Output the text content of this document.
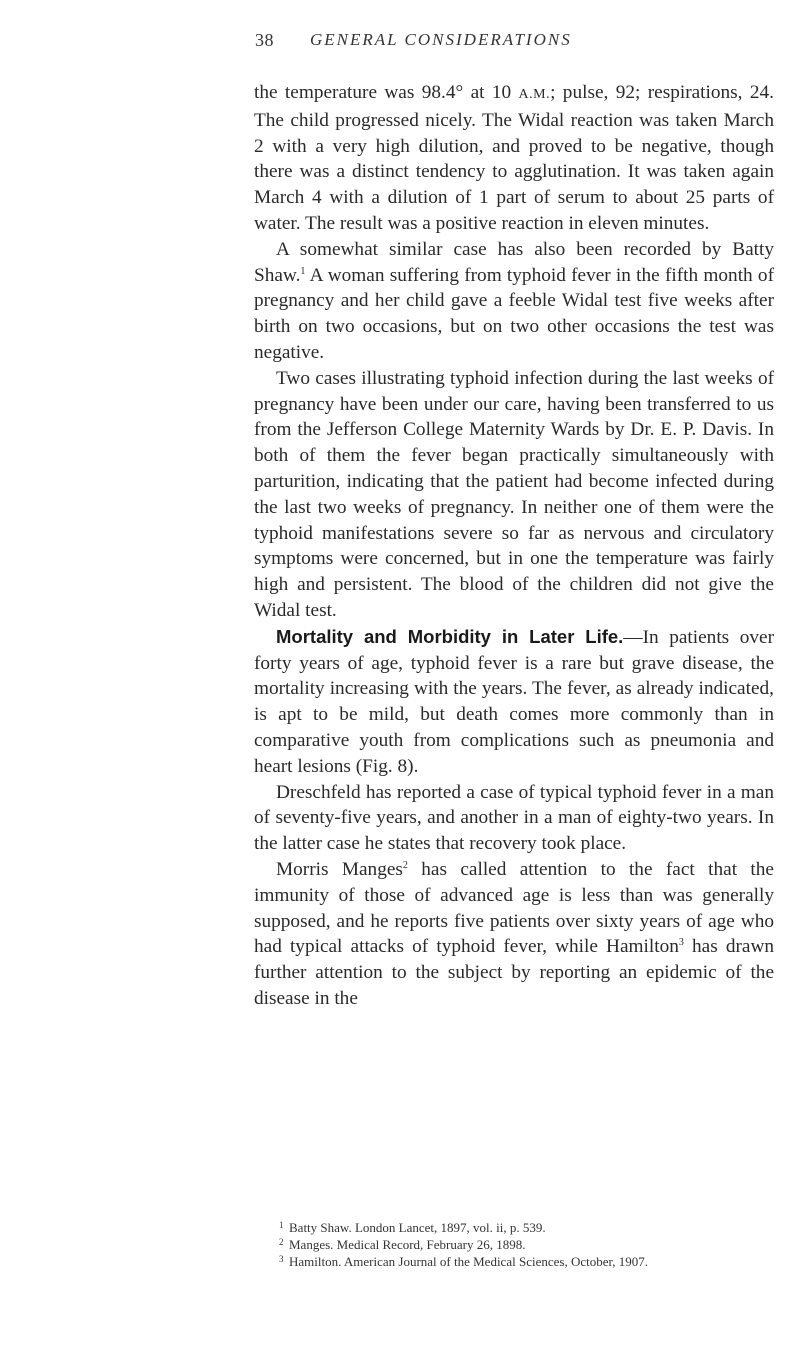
38 GENERAL CONSIDERATIONS

the temperature was 98.4° at 10 A.M.; pulse, 92; respirations, 24. The child progressed nicely. The Widal reaction was taken March 2 with a very high dilution, and proved to be negative, though there was a distinct tendency to agglutination. It was taken again March 4 with a dilution of 1 part of serum to about 25 parts of water. The result was a positive reaction in eleven minutes.

A somewhat similar case has also been recorded by Batty Shaw.$^1$ A woman suffering from typhoid fever in the fifth month of pregnancy and her child gave a feeble Widal test five weeks after birth on two occasions, but on two other occasions the test was negative.

Two cases illustrating typhoid infection during the last weeks of pregnancy have been under our care, having been transferred to us from the Jefferson College Maternity Wards by Dr. E. P. Davis. In both of them the fever began practically simultaneously with parturition, indicating that the patient had become infected during the last two weeks of pregnancy. In neither one of them were the typhoid manifestations severe so far as nervous and circulatory symptoms were concerned, but in one the temperature was fairly high and persistent. The blood of the children did not give the Widal test.

Mortality and Morbidity in Later Life.—In patients over forty years of age, typhoid fever is a rare but grave disease, the mortality increasing with the years. The fever, as already indicated, is apt to be mild, but death comes more commonly than in comparative youth from complications such as pneumonia and heart lesions (Fig. 8).

Dreschfeld has reported a case of typical typhoid fever in a man of seventy-five years, and another in a man of eighty-two years. In the latter case he states that recovery took place.

Morris Manges$^2$ has called attention to the fact that the immunity of those of advanced age is less than was generally supposed, and he reports five patients over sixty years of age who had typical attacks of typhoid fever, while Hamilton$^3$ has drawn further attention to the subject by reporting an epidemic of the disease in the

1 Batty Shaw. London Lancet, 1897, vol. ii, p. 539.
2 Manges. Medical Record, February 26, 1898.
3 Hamilton. American Journal of the Medical Sciences, October, 1907.
